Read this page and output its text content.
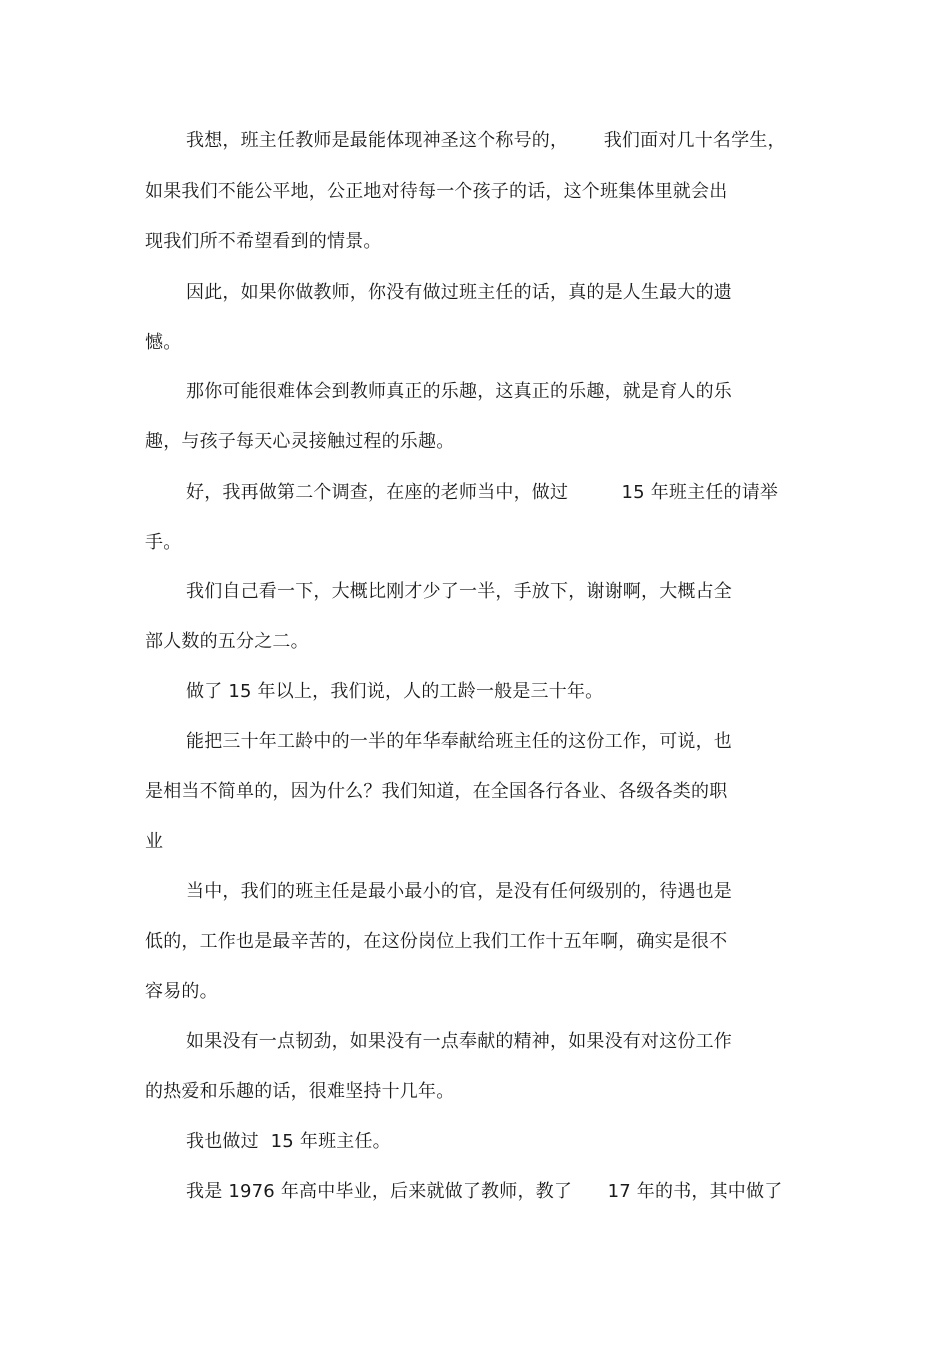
我想，班主任教师是最能体现神圣这个称号的，      我们面对几十名学生，
如果我们不能公平地，公正地对待每一个孩子的话，这个班集体里就会出
现我们所不希望看到的情景。
因此，如果你做教师，你没有做过班主任的话，真的是人生最大的遗
憾。
那你可能很难体会到教师真正的乐趣，这真正的乐趣，就是育人的乐
趣，与孩子每天心灵接触过程的乐趣。
好，我再做第二个调查，在座的老师当中，做过         15 年班主任的请举
手。
我们自己看一下，大概比刚才少了一半，手放下，谢谢啊，大概占全
部人数的五分之二。
做了 15 年以上，我们说，人的工龄一般是三十年。
能把三十年工龄中的一半的年华奉献给班主任的这份工作，可说，也
是相当不简单的，因为什么？我们知道，在全国各行各业、各级各类的职
业
当中，我们的班主任是最小最小的官，是没有任何级别的，待遇也是
低的，工作也是最辛苦的，在这份岗位上我们工作十五年啊，确实是很不
容易的。
如果没有一点韧劲，如果没有一点奉献的精神，如果没有对这份工作
的热爱和乐趣的话，很难坚持十几年。
我也做过  15 年班主任。
我是 1976 年高中毕业，后来就做了教师，教了      17 年的书，其中做了
